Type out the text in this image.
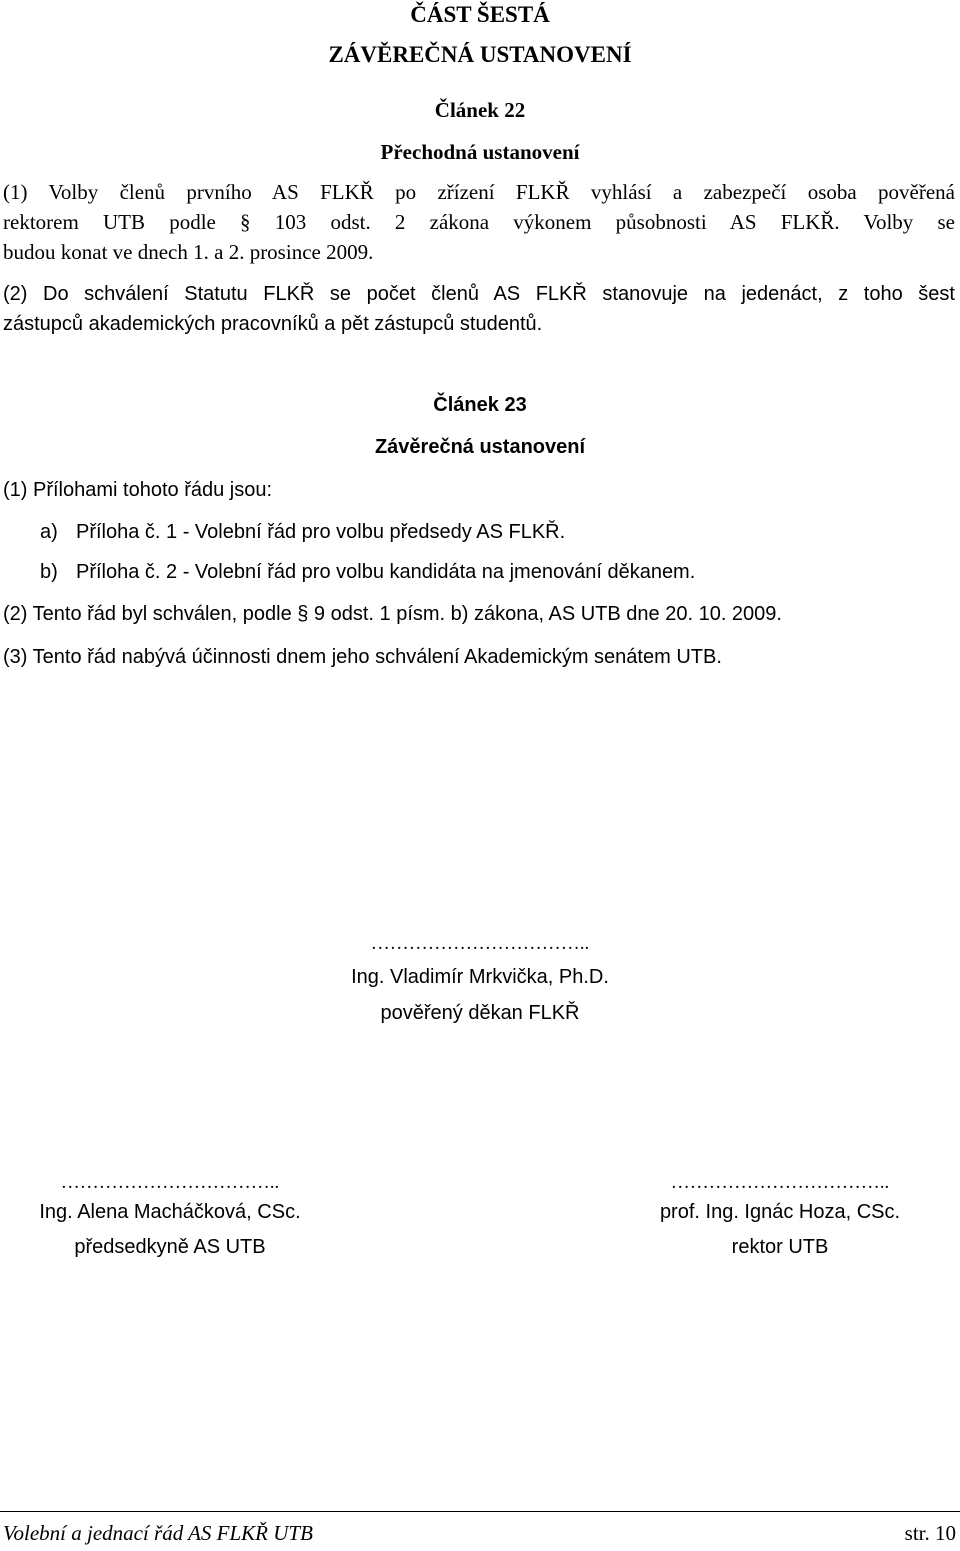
ČÁST ŠESTÁ
ZÁVĚREČNÁ USTANOVENÍ
Článek 22
Přechodná ustanovení
(1) Volby členů prvního AS FLKŘ po zřízení FLKŘ vyhlásí a zabezpečí osoba pověřená
rektorem UTB podle § 103 odst. 2 zákona výkonem působnosti AS FLKŘ. Volby se
budou konat ve dnech 1. a 2. prosince 2009.
(2) Do schválení Statutu FLKŘ se počet členů AS FLKŘ stanovuje na jedenáct, z toho šest
zástupců akademických pracovníků a pět zástupců studentů.
Článek 23
Závěrečná ustanovení
(1) Přílohami tohoto řádu jsou:
a) Příloha č. 1 - Volební řád pro volbu předsedy AS FLKŘ.
b) Příloha č. 2 - Volební řád pro volbu kandidáta na jmenování děkanem.
(2) Tento řád byl schválen, podle § 9 odst. 1 písm. b) zákona, AS UTB dne 20. 10. 2009.
(3) Tento řád nabývá účinnosti dnem jeho schválení Akademickým senátem UTB.
……………………………..
Ing. Vladimír Mrkvička, Ph.D.
pověřený děkan FLKŘ
……………………………..
Ing. Alena Macháčková, CSc.
předsedkyně AS UTB
……………………………..
prof. Ing. Ignác Hoza, CSc.
rektor UTB
Volební a jednací řád AS FLKŘ UTB	str. 10
